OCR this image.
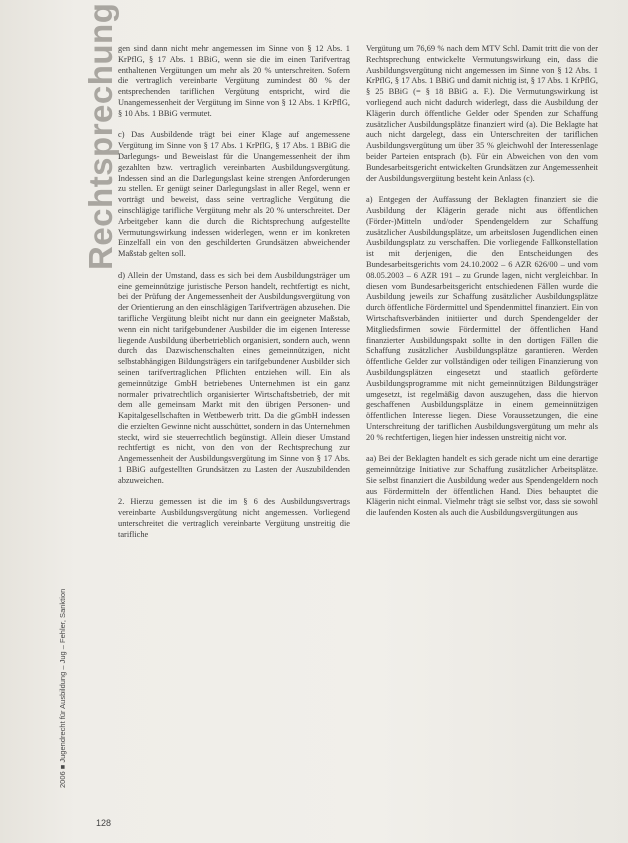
Rechtsprechung
2006 ■ Jugendrecht für Ausbildung – Jug – Fehler, Sanktion

gen sind dann nicht mehr angemessen im Sinne von § 12 Abs. 1 KrPflG, § 17 Abs. 1 BBiG, wenn sie die im einen Tarifvertrag enthaltenen Vergütungen um mehr als 20 % unterschreiten. Sofern die vertraglich vereinbarte Vergütung zumindest 80 % der entsprechenden tariflichen Vergütung entspricht, wird die Unangemessenheit der Vergütung im Sinne von § 12 Abs. 1 KrPflG, § 10 Abs. 1 BBiG vermutet.

c) Das Ausbildende trägt bei einer Klage auf angemessene Vergütung im Sinne von § 17 Abs. 1 KrPflG, § 17 Abs. 1 BBiG die Darlegungs- und Beweislast für die Unangemessenheit der ihm gezahlten bzw. vertraglich vereinbarten Ausbildungsvergütung. Indessen sind an die Darlegungslast keine strengen Anforderungen zu stellen. Er genügt seiner Darlegungslast in aller Regel, wenn er vorträgt und beweist, dass seine vertragliche Vergütung die einschlägige tarifliche Vergütung mehr als 20 % unterschreitet. Der Arbeitgeber kann die durch die Richtsprechung aufgestellte Vermutungswirkung indessen widerlegen, wenn er im konkreten Einzelfall ein von den geschilderten Grundsätzen abweichender Maßstab gelten soll.

d) Allein der Umstand, dass es sich bei dem Ausbildungsträger um eine gemeinnützige juristische Person handelt, rechtfertigt es nicht, bei der Prüfung der Angemessenheit der Ausbildungsvergütung von der Orientierung an den einschlägigen Tarifverträgen abzusehen. Die tarifliche Vergütung bleibt nicht nur dann ein geeigneter Maßstab, wenn ein nicht tarifgebundener Ausbilder die im eigenen Interesse liegende Ausbildung überbetrieblich organisiert, sondern auch, wenn durch das Dazwischenschalten eines gemeinnützigen, nicht selbstabhängigen Bildungsträgers ein tarifgebundener Ausbilder sich seinen tarifvertraglichen Pflichten entziehen will. Ein als gemeinnützige GmbH betriebenes Unternehmen ist ein ganz normaler privatrechtlich organisierter Wirtschaftsbetrieb, der mit dem alle gemeinsam Markt mit den übrigen Personen- und Kapitalgesellschaften in Wettbewerb tritt. Da die gGmbH indessen die erzielten Gewinne nicht ausschüttet, sondern in das Unternehmen steckt, wird sie steuerrechtlich begünstigt. Allein dieser Umstand rechtfertigt es nicht, von den von der Rechtsprechung zur Angemessenheit der Ausbildungsvergütung im Sinne von § 17 Abs. 1 BBiG aufgestellten Grundsätzen zu Lasten der Auszubildenden abzuweichen.

2. Hierzu gemessen ist die im § 6 des Ausbildungsvertrags vereinbarte Ausbildungsvergütung nicht angemessen. Vorliegend unterschreitet die vertraglich vereinbarte Vergütung unstreitig die tarifliche

Vergütung um 76,69 % nach dem MTV Schl. Damit tritt die von der Rechtsprechung entwickelte Vermutungswirkung ein, dass die Ausbildungsvergütung nicht angemessen im Sinne von § 12 Abs. 1 KrPflG, § 17 Abs. 1 BBiG und damit nichtig ist, § 17 Abs. 1 KrPflG, § 25 BBiG (= § 18 BBiG a. F.). Die Vermutungswirkung ist vorliegend auch nicht dadurch widerlegt, dass die Ausbildung der Klägerin durch öffentliche Gelder oder Spenden zur Schaffung zusätzlicher Ausbildungsplätze finanziert wird (a). Die Beklagte hat auch nicht dargelegt, dass ein Unterschreiten der tariflichen Ausbildungsvergütung um über 35 % gleichwohl der Interessenlage beider Parteien entsprach (b). Für ein Abweichen von den vom Bundesarbeitsgericht entwickelten Grundsätzen zur Angemessenheit der Ausbildungsvergütung besteht kein Anlass (c).

a) Entgegen der Auffassung der Beklagten finanziert sie die Ausbildung der Klägerin gerade nicht aus öffentlichen (Förder-)Mitteln und/oder Spendengeldern zur Schaffung zusätzlicher Ausbildungsplätze, um arbeitslosen Jugendlichen einen Ausbildungsplatz zu verschaffen. Die vorliegende Fallkonstellation ist mit derjenigen, die den Entscheidungen des Bundesarbeitsgerichts vom 24.10.2002 – 6 AZR 626/00 – und vom 08.05.2003 – 6 AZR 191 – zu Grunde lagen, nicht vergleichbar. In diesen vom Bundesarbeitsgericht entschiedenen Fällen wurde die Ausbildung jeweils zur Schaffung zusätzlicher Ausbildungsplätze durch öffentliche Fördermittel und Spendenmittel finanziert. Ein von Wirtschaftsverbänden initiierter und durch Spendengelder der Mitgliedsfirmen sowie Fördermittel der öffentlichen Hand finanzierter Ausbildungspakt sollte in den dortigen Fällen die Schaffung zusätzlicher Ausbildungsplätze garantieren. Werden öffentliche Gelder zur vollständigen oder teiligen Finanzierung von Ausbildungsplätzen eingesetzt und staatlich geförderte Ausbildungsprogramme mit nicht gemeinnützigen Bildungsträger umgesetzt, ist regelmäßig davon auszugehen, dass die hiervon geschaffenen Ausbildungsplätze in einem gemeinnützigen öffentlichen Interesse liegen. Diese Voraussetzungen, die eine Unterschreitung der tariflichen Ausbildungsvergütung um mehr als 20 % rechtfertigen, liegen hier indessen unstreitig nicht vor.

aa) Bei der Beklagten handelt es sich gerade nicht um eine derartige gemeinnützige Initiative zur Schaffung zusätzlicher Arbeitsplätze. Sie selbst finanziert die Ausbildung weder aus Spendengeldern noch aus Fördermitteln der öffentlichen Hand. Dies behauptet die Klägerin nicht einmal. Vielmehr trägt sie selbst vor, dass sie sowohl die laufenden Kosten als auch die Ausbildungsvergütungen aus

128
